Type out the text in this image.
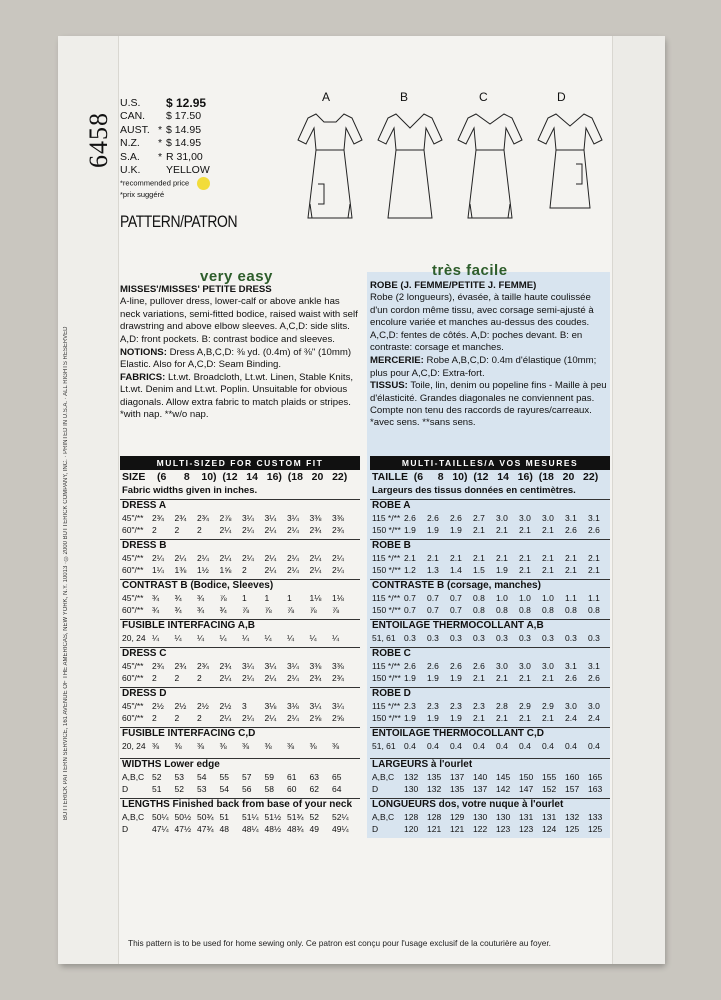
BUTTERICK PATTERN SERVICE, 161 AVENUE OF THE AMERICAS, NEW YORK, N.Y. 10013 · ©2000 BUTTERICK COMPANY, INC. · PRINTED IN U.S.A. · ALL RIGHTS RESERVED
6458
U.S.	$ 12.95
CAN.	$ 17.50
AUST. * $ 14.95
N.Z.	* $ 14.95
S.A.	* R 31,00
U.K.	YELLOW
*recommended price
*prix suggéré
PATTERN/PATRON
A	B	C	D
very easy	très facile
MISSES'/MISSES' PETITE DRESS
A-line, pullover dress, lower-calf or above ankle has neck variations, semi-fitted bodice, raised waist with self drawstring and above elbow sleeves. A,C,D: side slits. A,D: front pockets. B: contrast bodice and sleeves.
NOTIONS: Dress A,B,C,D: ⅜ yd. (0.4m) of ⅜" (10mm) Elastic. Also for A,C,D: Seam Binding.
FABRICS: Lt.wt. Broadcloth, Lt.wt. Linen, Stable Knits, Lt.wt. Denim and Lt.wt. Poplin. Unsuitable for obvious diagonals. Allow extra fabric to match plaids or stripes. *with nap. **w/o nap.
ROBE (J. FEMME/PETITE J. FEMME)
Robe (2 longueurs), évasée, à taille haute coulissée d'un cordon même tissu, avec corsage semi-ajusté à encolure variée et manches au-dessus des coudes. A,C,D: fentes de côtés. A,D: poches devant. B: en contraste: corsage et manches.
MERCERIE: Robe A,B,C,D: 0.4m d'élastique (10mm; plus pour A,C,D: Extra-fort.
TISSUS: Toile, lin, denim ou popeline fins - Maille à peu d'élasticité. Grandes diagonales ne conviennent pas. Compte non tenu des raccords de rayures/carreaux. *avec sens. **sans sens.
MULTI-SIZED FOR CUSTOM FIT	MULTI-TAILLES/A VOS MESURES
SIZE    (6      8    10)  (12   14   16)  (18   20   22) TAILLE  (6     8   10)  (12   14   16)  (18   20   22)
Fabric widths given in inches.	Largeurs des tissus données en centimètres.
DRESS A
45"/** 2¾ 2¾ 2¾ 2⅞ 3¼ 3¼ 3¼ 3⅜ 3⅜
60"/** 2 2 2 2¼ 2¼ 2¼ 2¼ 2¾ 2¾
DRESS B
45"/** 2¼ 2¼ 2¼ 2¼ 2¼ 2¼ 2¼ 2¼ 2¼
60"/** 1¼ 1⅜ 1½ 1⅝ 2 2¼ 2¼ 2¼ 2¼
CONTRAST B (Bodice, Sleeves)
45"/** ¾ ¾ ¾ ⅞ 1 1 1 1⅛ 1⅛
60"/** ¾ ¾ ¾ ¾ ⅞ ⅞ ⅞ ⅞ ⅞
FUSIBLE INTERFACING A,B
20, 24 ¼ ¼ ¼ ¼ ¼ ¼ ¼ ¼ ¼
DRESS C
45"/** 2¾ 2¾ 2¾ 2¾ 3¼ 3¼ 3¼ 3⅜ 3⅜
60"/** 2 2 2 2¼ 2¼ 2¼ 2¼ 2¾ 2¾
DRESS D
45"/** 2½ 2½ 2½ 2½ 3 3⅛ 3⅛ 3¼ 3¼
60"/** 2 2 2 2¼ 2¼ 2¼ 2¼ 2⅝ 2⅝
FUSIBLE INTERFACING C,D
20, 24 ⅜ ⅜ ⅜ ⅜ ⅜ ⅜ ⅜ ⅜ ⅜
WIDTHS Lower edge
A,B,C 52 53 54 55 57 59 61 63 65
D	51 52 53 54 56 58 60 62 64
LENGTHS Finished back from base of your neck
A,B,C 50¼ 50½ 50¾ 51 51¼ 51½ 51¾ 52 52¼
D	47¼ 47½ 47¾ 48 48¼ 48½ 48¾ 49 49¼
ROBE A
115 */** 2.6 2.6 2.6 2.7 3.0 3.0 3.0 3.1 3.1
150 */** 1.9 1.9 1.9 2.1 2.1 2.1 2.1 2.6 2.6
ROBE B
115 */** 2.1 2.1 2.1 2.1 2.1 2.1 2.1 2.1 2.1
150 */** 1.2 1.3 1.4 1.5 1.9 2.1 2.1 2.1 2.1
CONTRASTE B (corsage, manches)
115 */** 0.7 0.7 0.7 0.8 1.0 1.0 1.0 1.1 1.1
150 */** 0.7 0.7 0.7 0.8 0.8 0.8 0.8 0.8 0.8
ENTOILAGE THERMOCOLLANT A,B
51, 61 0.3 0.3 0.3 0.3 0.3 0.3 0.3 0.3 0.3
ROBE C
115 */** 2.6 2.6 2.6 2.6 3.0 3.0 3.0 3.1 3.1
150 */** 1.9 1.9 1.9 2.1 2.1 2.1 2.1 2.6 2.6
ROBE D
115 */** 2.3 2.3 2.3 2.3 2.8 2.9 2.9 3.0 3.0
150 */** 1.9 1.9 1.9 2.1 2.1 2.1 2.1 2.4 2.4
ENTOILAGE THERMOCOLLANT C,D
51, 61 0.4 0.4 0.4 0.4 0.4 0.4 0.4 0.4 0.4
LARGEURS à l'ourlet
A,B,C 132 135 137 140 145 150 155 160 165
D	130 132 135 137 142 147 152 157 163
LONGUEURS dos, votre nuque à l'ourlet
A,B,C 128 128 129 130 130 131 131 132 133
D	120 121 121 122 123 123 124 125 125
This pattern is to be used for home sewing only. Ce patron est conçu pour l'usage exclusif de la couturière au foyer.
